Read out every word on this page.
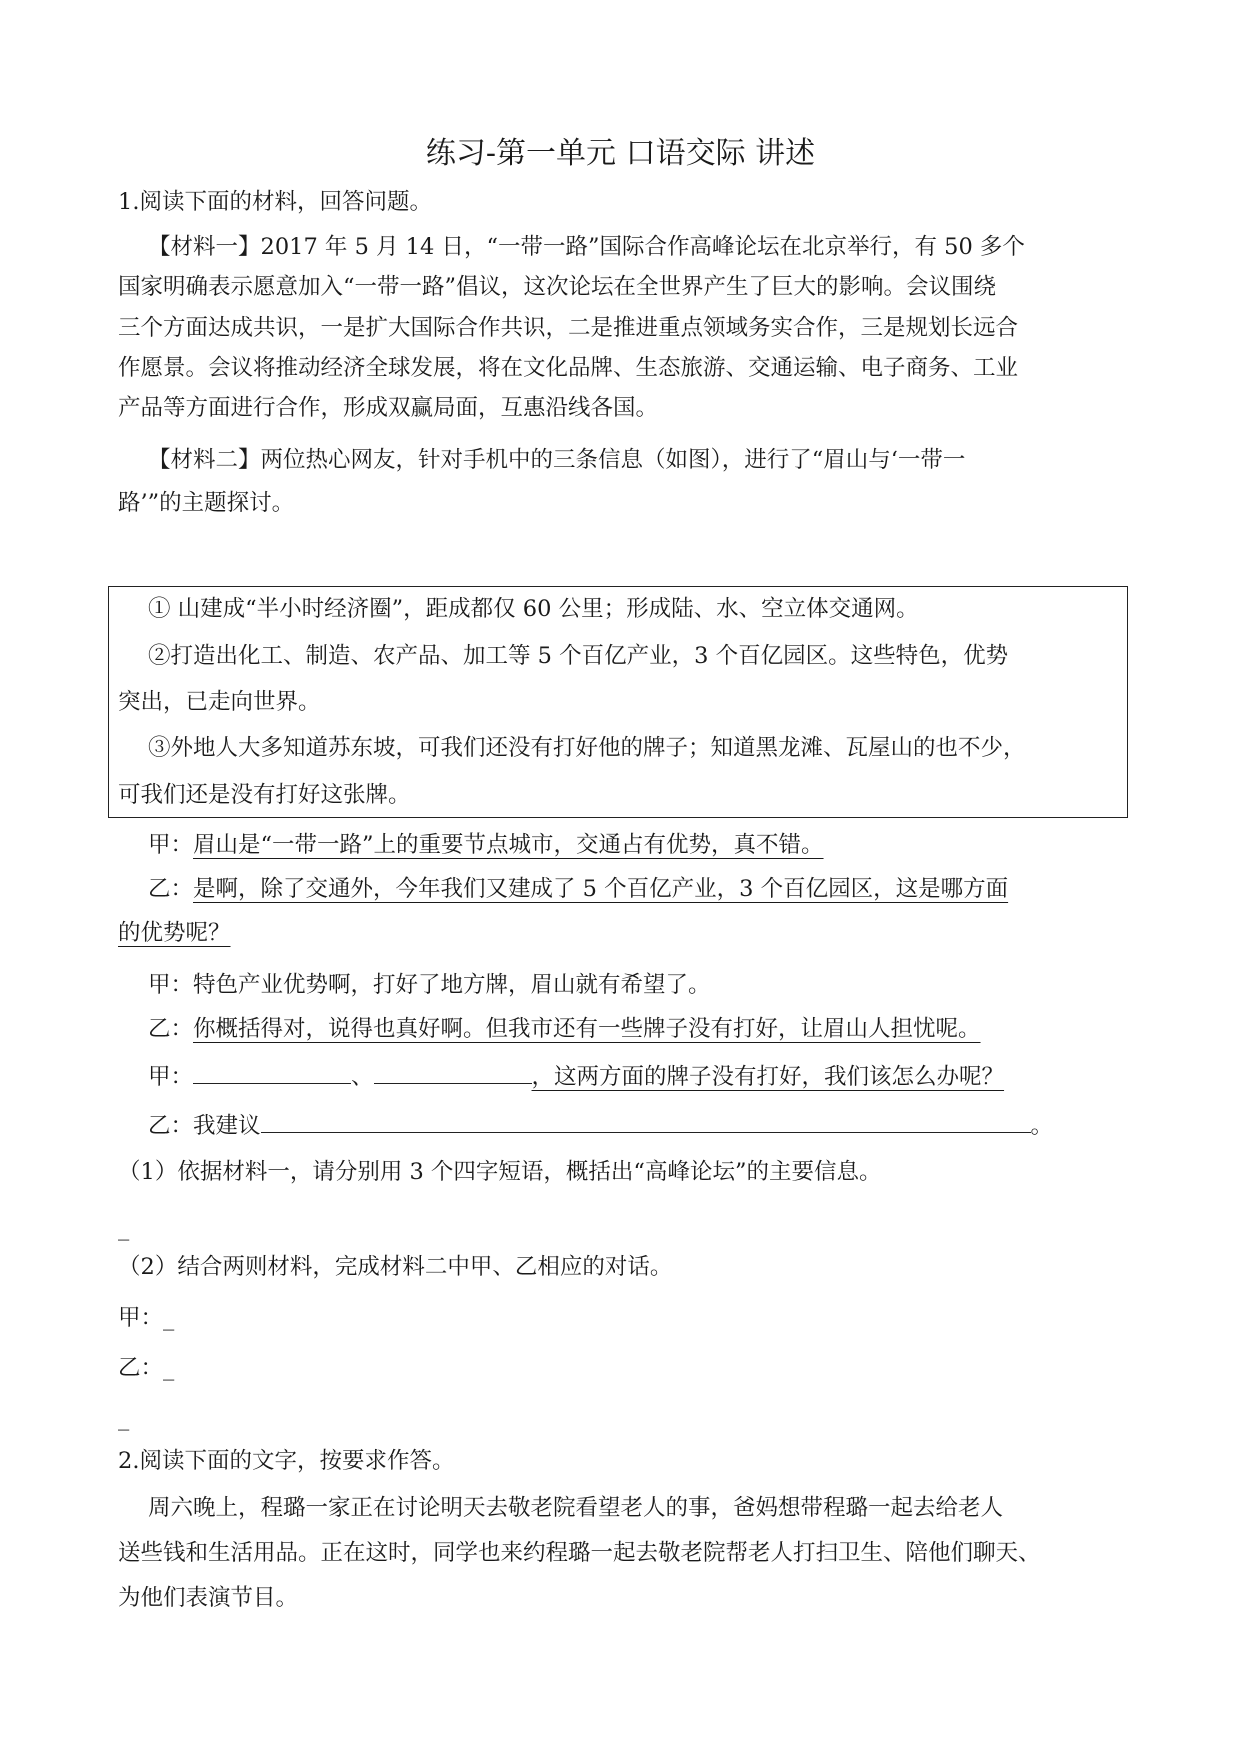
练习-第一单元 口语交际 讲述
1.阅读下面的材料，回答问题。
【材料一】2017 年 5 月 14 日，“一带一路”国际合作高峰论坛在北京举行，有 50 多个
国家明确表示愿意加入“一带一路”倡议，这次论坛在全世界产生了巨大的影响。会议围绕
三个方面达成共识，一是扩大国际合作共识，二是推进重点领域务实合作，三是规划长远合
作愿景。会议将推动经济全球发展，将在文化品牌、生态旅游、交通运输、电子商务、工业
产品等方面进行合作，形成双赢局面，互惠沿线各国。
【材料二】两位热心网友，针对手机中的三条信息（如图），进行了“眉山与‘一带一
路’”的主题探讨。
① 山建成“半小时经济圈”，距成都仅 60 公里；形成陆、水、空立体交通网。
②打造出化工、制造、农产品、加工等 5 个百亿产业，3 个百亿园区。这些特色，优势
突出，已走向世界。
③外地人大多知道苏东坡，可我们还没有打好他的牌子；知道黑龙滩、瓦屋山的也不少，
可我们还是没有打好这张牌。
甲：眉山是“一带一路”上的重要节点城市，交通占有优势，真不错。
乙：是啊，除了交通外，今年我们又建成了 5 个百亿产业，3 个百亿园区，这是哪方面
的优势呢？
甲：特色产业优势啊，打好了地方牌，眉山就有希望了。
乙：你概括得对，说得也真好啊。但我市还有一些牌子没有打好，让眉山人担忧呢。
甲：	、	，这两方面的牌子没有打好，我们该怎么办呢？
乙：我建议	。
（1）依据材料一，请分别用 3 个四字短语，概括出“高峰论坛”的主要信息。
_
（2）结合两则材料，完成材料二中甲、乙相应的对话。
甲：_
乙：_
_
2.阅读下面的文字，按要求作答。
周六晚上，程璐一家正在讨论明天去敬老院看望老人的事，爸妈想带程璐一起去给老人
送些钱和生活用品。正在这时，同学也来约程璐一起去敬老院帮老人打扫卫生、陪他们聊天、
为他们表演节目。
